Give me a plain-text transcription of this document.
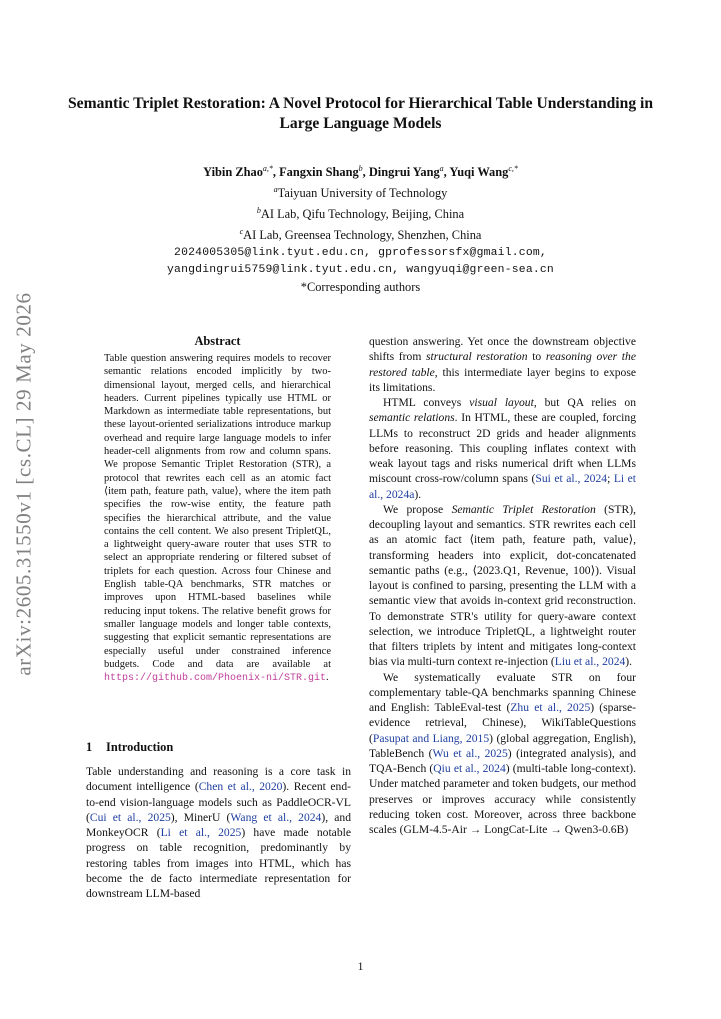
Semantic Triplet Restoration: A Novel Protocol for Hierarchical Table Understanding in Large Language Models
Yibin Zhao$^{a,*}$, Fangxin Shang$^b$, Dingrui Yang$^a$, Yuqi Wang$^{c,*}$
$^a$Taiyuan University of Technology
$^b$AI Lab, Qifu Technology, Beijing, China
$^c$AI Lab, Greensea Technology, Shenzhen, China
2024005305@link.tyut.edu.cn, gprofessorsfx@gmail.com,
yangdingrui5759@link.tyut.edu.cn, wangyuqi@green-sea.cn
*Corresponding authors
arXiv:2605.31550v1 [cs.CL] 29 May 2026	Abstract
Table question answering requires models to recover semantic relations encoded implicitly by two-dimensional layout, merged cells, and hierarchical headers. Current pipelines typically use HTML or Markdown as intermediate table representations, but these layout-oriented serializations introduce markup overhead and require large language models to infer header-cell alignments from row and column spans. We propose Semantic Triplet Restoration (STR), a protocol that rewrites each cell as an atomic fact ⟨item path, feature path, value⟩, where the item path specifies the row-wise entity, the feature path specifies the hierarchical attribute, and the value contains the cell content. We also present TripletQL, a lightweight query-aware router that uses STR to select an appropriate rendering or filtered subset of triplets for each question. Across four Chinese and English table-QA benchmarks, STR matches or improves upon HTML-based baselines while reducing input tokens. The relative benefit grows for smaller language models and longer table contexts, suggesting that explicit semantic representations are especially useful under constrained inference budgets. Code and data are available at https://github.com/Phoenix-ni/STR.git.
1 Introduction

Table understanding and reasoning is a core task in document intelligence (Chen et al., 2020). Recent end-to-end vision-language models such as PaddleOCR-VL (Cui et al., 2025), MinerU (Wang et al., 2024), and MonkeyOCR (Li et al., 2025) have made notable progress on table recognition, predominantly by restoring tables from images into HTML, which has become the de facto intermediate representation for downstream LLM-based

question answering. Yet once the downstream objective shifts from structural restoration to reasoning over the restored table, this intermediate layer begins to expose its limitations.

HTML conveys visual layout, but QA relies on semantic relations. In HTML, these are coupled, forcing LLMs to reconstruct 2D grids and header alignments before reasoning. This coupling inflates context with weak layout tags and risks numerical drift when LLMs miscount cross-row/column spans (Sui et al., 2024; Li et al., 2024a).

We propose Semantic Triplet Restoration (STR), decoupling layout and semantics. STR rewrites each cell as an atomic fact ⟨item path, feature path, value⟩, transforming headers into explicit, dot-concatenated semantic paths (e.g., ⟨2023.Q1, Revenue, 100⟩). Visual layout is confined to parsing, presenting the LLM with a semantic view that avoids in-context grid reconstruction. To demonstrate STR's utility for query-aware context selection, we introduce TripletQL, a lightweight router that filters triplets by intent and mitigates long-context bias via multi-turn context re-injection (Liu et al., 2024).

We systematically evaluate STR on four complementary table-QA benchmarks spanning Chinese and English: TableEval-test (Zhu et al., 2025) (sparse-evidence retrieval, Chinese), WikiTableQuestions (Pasupat and Liang, 2015) (global aggregation, English), TableBench (Wu et al., 2025) (integrated analysis), and TQA-Bench (Qiu et al., 2024) (multi-table long-context). Under matched parameter and token budgets, our method preserves or improves accuracy while consistently reducing token cost. Moreover, across three backbone scales (GLM-4.5-Air → LongCat-Lite → Qwen3-0.6B)

1
